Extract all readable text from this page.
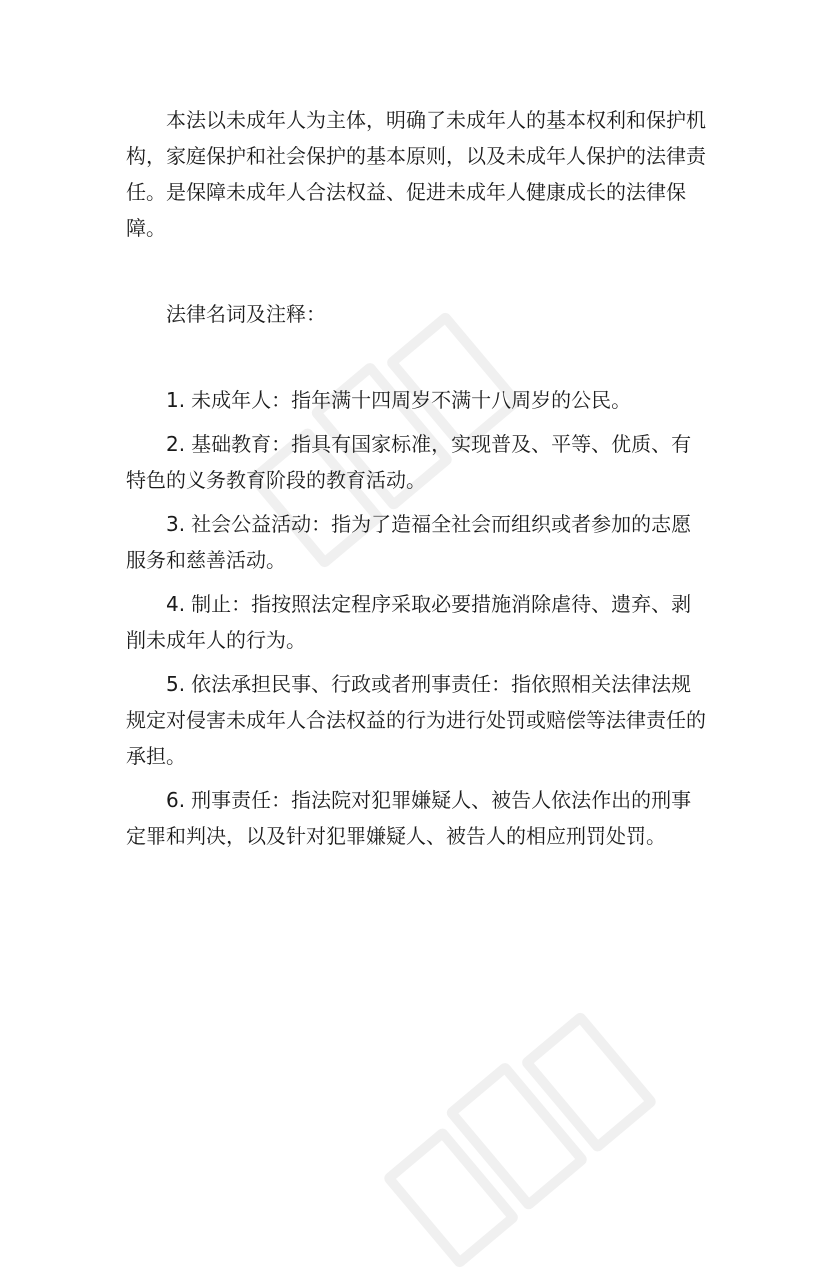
本法以未成年人为主体，明确了未成年人的基本权利和保护机构，家庭保护和社会保护的基本原则，以及未成年人保护的法律责任。是保障未成年人合法权益、促进未成年人健康成长的法律保障。

法律名词及注释：

1. 未成年人：指年满十四周岁不满十八周岁的公民。
2. 基础教育：指具有国家标准，实现普及、平等、优质、有特色的义务教育阶段的教育活动。
3. 社会公益活动：指为了造福全社会而组织或者参加的志愿服务和慈善活动。
4. 制止：指按照法定程序采取必要措施消除虐待、遗弃、剥削未成年人的行为。
5. 依法承担民事、行政或者刑事责任：指依照相关法律法规规定对侵害未成年人合法权益的行为进行处罚或赔偿等法律责任的承担。
6. 刑事责任：指法院对犯罪嫌疑人、被告人依法作出的刑事定罪和判决，以及针对犯罪嫌疑人、被告人的相应刑罚处罚。
